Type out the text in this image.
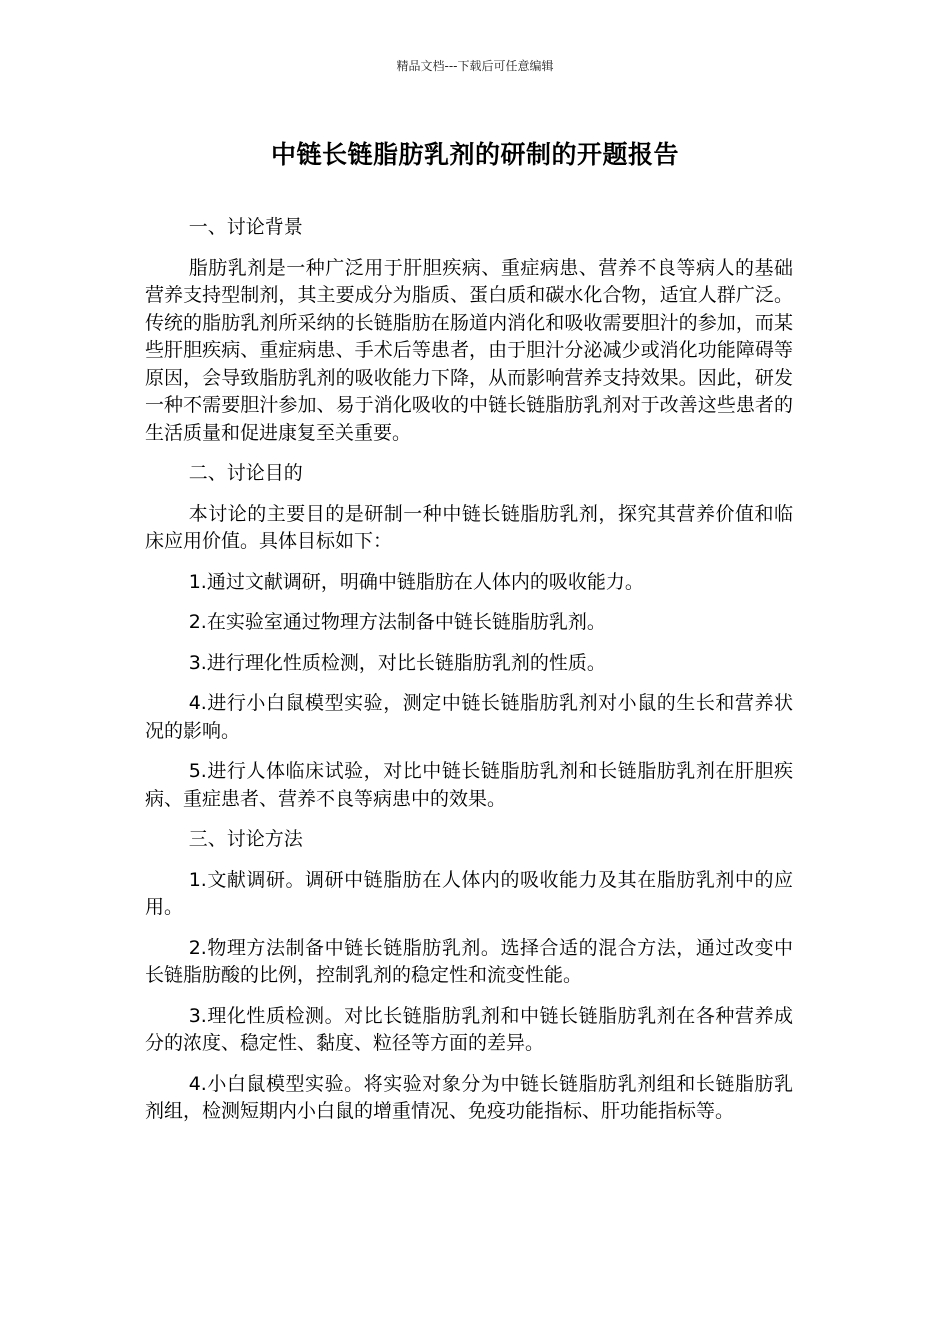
精品文档---下载后可任意编辑
中链长链脂肪乳剂的研制的开题报告
一、讨论背景
脂肪乳剂是一种广泛用于肝胆疾病、重症病患、营养不良等病人的基础营养支持型制剂，其主要成分为脂质、蛋白质和碳水化合物，适宜人群广泛。传统的脂肪乳剂所采纳的长链脂肪在肠道内消化和吸收需要胆汁的参加，而某些肝胆疾病、重症病患、手术后等患者，由于胆汁分泌减少或消化功能障碍等原因，会导致脂肪乳剂的吸收能力下降，从而影响营养支持效果。因此，研发一种不需要胆汁参加、易于消化吸收的中链长链脂肪乳剂对于改善这些患者的生活质量和促进康复至关重要。
二、讨论目的
本讨论的主要目的是研制一种中链长链脂肪乳剂，探究其营养价值和临床应用价值。具体目标如下：
1.通过文献调研，明确中链脂肪在人体内的吸收能力。
2.在实验室通过物理方法制备中链长链脂肪乳剂。
3.进行理化性质检测，对比长链脂肪乳剂的性质。
4.进行小白鼠模型实验，测定中链长链脂肪乳剂对小鼠的生长和营养状况的影响。
5.进行人体临床试验，对比中链长链脂肪乳剂和长链脂肪乳剂在肝胆疾病、重症患者、营养不良等病患中的效果。
三、讨论方法
1.文献调研。调研中链脂肪在人体内的吸收能力及其在脂肪乳剂中的应用。
2.物理方法制备中链长链脂肪乳剂。选择合适的混合方法，通过改变中长链脂肪酸的比例，控制乳剂的稳定性和流变性能。
3.理化性质检测。对比长链脂肪乳剂和中链长链脂肪乳剂在各种营养成分的浓度、稳定性、黏度、粒径等方面的差异。
4.小白鼠模型实验。将实验对象分为中链长链脂肪乳剂组和长链脂肪乳剂组，检测短期内小白鼠的增重情况、免疫功能指标、肝功能指标等。
